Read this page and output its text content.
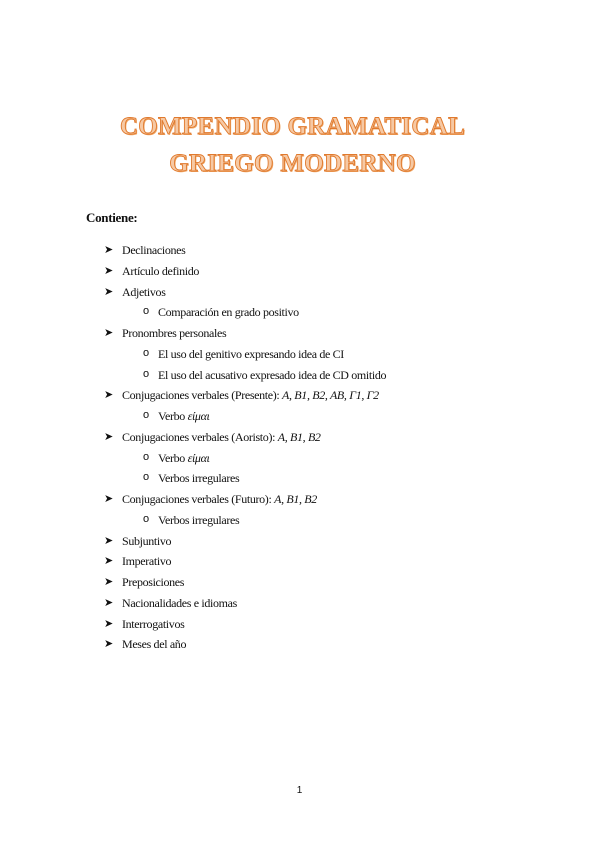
COMPENDIO GRAMATICAL
GRIEGO MODERNO
Contiene:
➤ Declinaciones
➤ Artículo definido
➤ Adjetivos
o Comparación en grado positivo
➤ Pronombres personales
o El uso del genitivo expresando idea de CI
o El uso del acusativo expresado idea de CD omitido
➤ Conjugaciones verbales (Presente): A, B1, B2, AB, Γ1, Γ2
o Verbo είμαι
➤ Conjugaciones verbales (Aoristo): A, B1, B2
o Verbo είμαι
o Verbos irregulares
➤ Conjugaciones verbales (Futuro): A, B1, B2
o Verbos irregulares
➤ Subjuntivo
➤ Imperativo
➤ Preposiciones
➤ Nacionalidades e idiomas
➤ Interrogativos
➤ Meses del año
1
